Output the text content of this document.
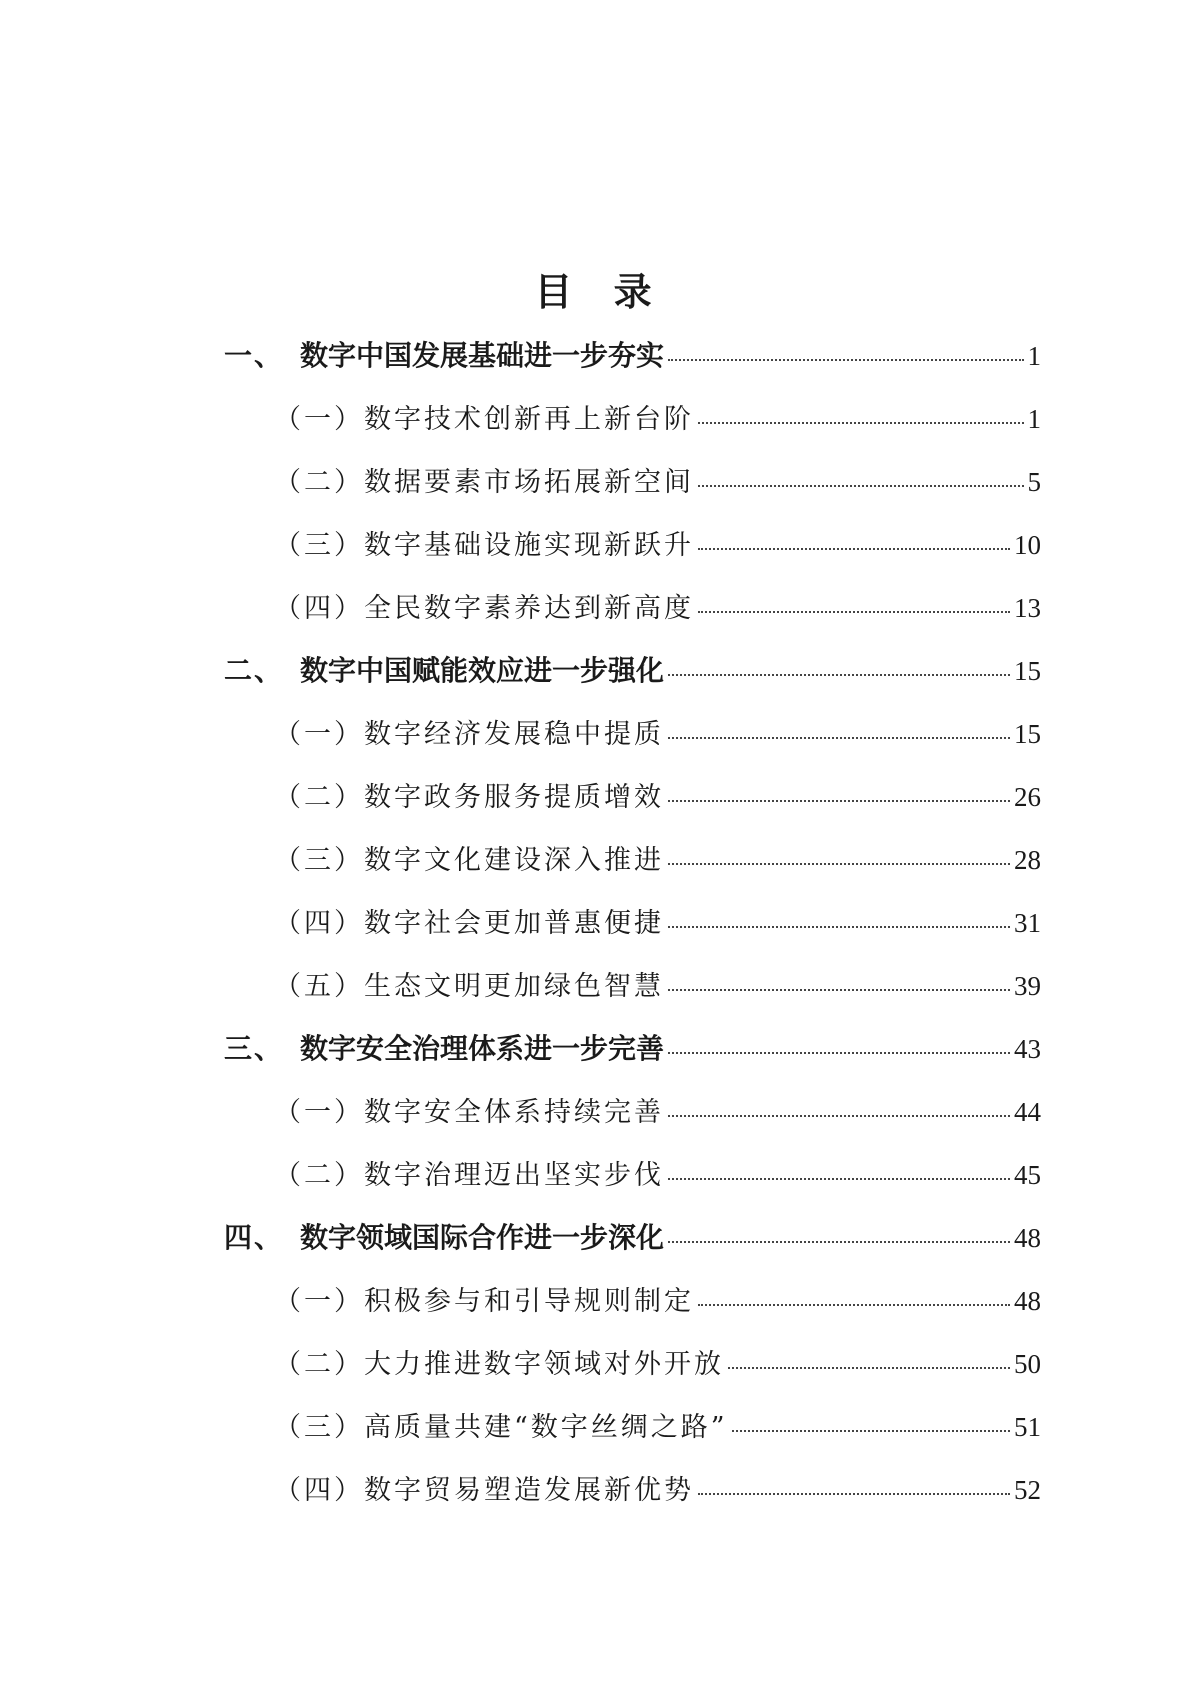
目 录
一、 数字中国发展基础进一步夯实	1
（一） 数字技术创新再上新台阶	1
（二） 数据要素市场拓展新空间	5
（三） 数字基础设施实现新跃升	10
（四） 全民数字素养达到新高度	13
二、 数字中国赋能效应进一步强化	15
（一） 数字经济发展稳中提质	15
（二） 数字政务服务提质增效	26
（三） 数字文化建设深入推进	28
（四） 数字社会更加普惠便捷	31
（五） 生态文明更加绿色智慧	39
三、 数字安全治理体系进一步完善	43
（一） 数字安全体系持续完善	44
（二） 数字治理迈出坚实步伐	45
四、 数字领域国际合作进一步深化	48
（一） 积极参与和引导规则制定	48
（二） 大力推进数字领域对外开放	50
（三） 高质量共建“数字丝绸之路”	51
（四） 数字贸易塑造发展新优势	52
